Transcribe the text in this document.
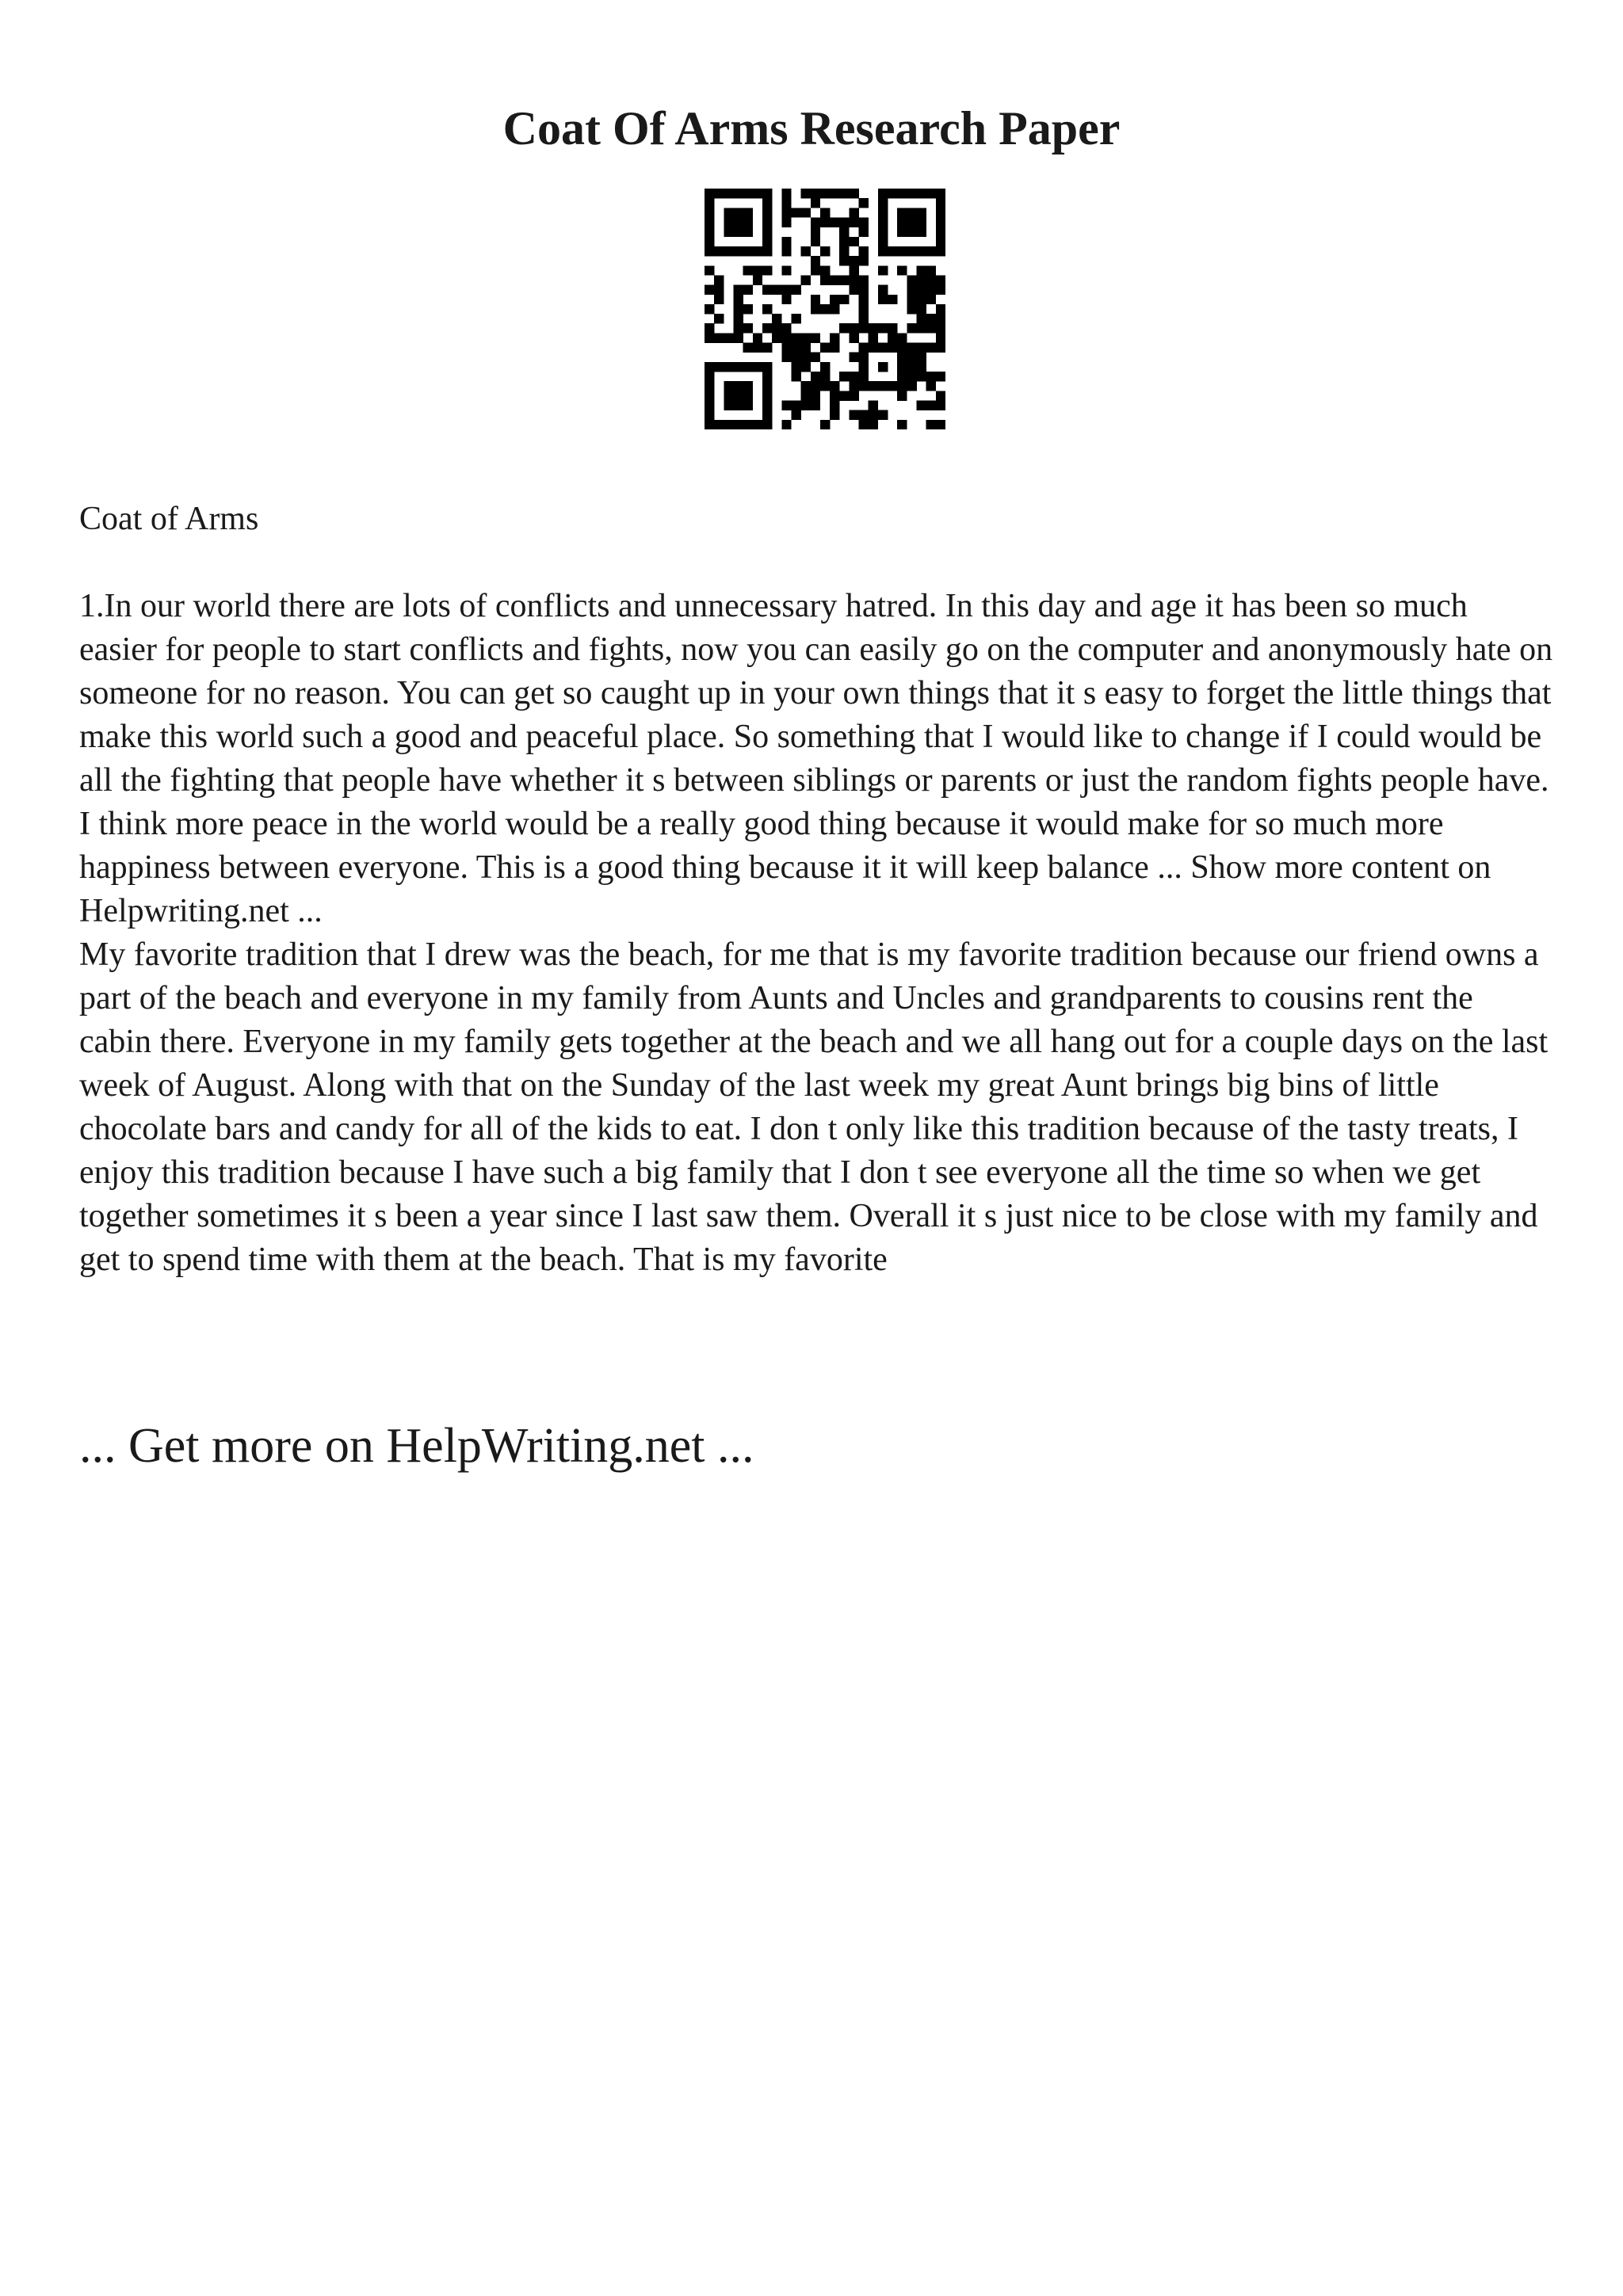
Coat Of Arms Research Paper

Coat of Arms

1.In our world there are lots of conflicts and unnecessary hatred. In this day and age it has been so much easier for people to start conflicts and fights, now you can easily go on the computer and anonymously hate on someone for no reason. You can get so caught up in your own things that it s easy to forget the little things that make this world such a good and peaceful place. So something that I would like to change if I could would be all the fighting that people have whether it s between siblings or parents or just the random fights people have. I think more peace in the world would be a really good thing because it would make for so much more happiness between everyone. This is a good thing because it it will keep balance ... Show more content on Helpwriting.net ...

My favorite tradition that I drew was the beach, for me that is my favorite tradition because our friend owns a part of the beach and everyone in my family from Aunts and Uncles and grandparents to cousins rent the cabin there. Everyone in my family gets together at the beach and we all hang out for a couple days on the last week of August. Along with that on the Sunday of the last week my great Aunt brings big bins of little chocolate bars and candy for all of the kids to eat. I don t only like this tradition because of the tasty treats, I enjoy this tradition because I have such a big family that I don t see everyone all the time so when we get together sometimes it s been a year since I last saw them. Overall it s just nice to be close with my family and get to spend time with them at the beach. That is my favorite

... Get more on HelpWriting.net ...
